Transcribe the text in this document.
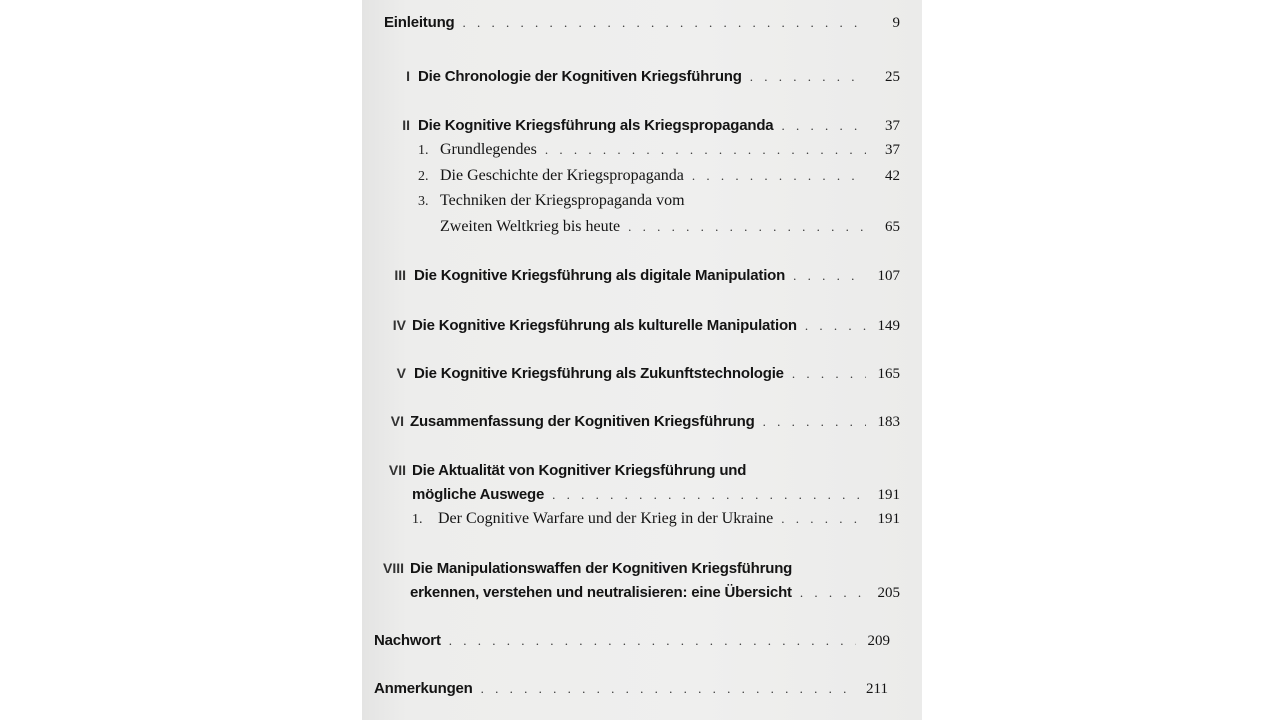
Einleitung . . .	9
I Die Chronologie der Kognitiven Kriegsführung . . .	25
II Die Kognitive Kriegsführung als Kriegspropaganda . . .	37
1. Grundlegendes . . .	37
2. Die Geschichte der Kriegspropaganda . . .	42
3. Techniken der Kriegspropaganda vom
Zweiten Weltkrieg bis heute . . .	65
III Die Kognitive Kriegsführung als digitale Manipulation . . .	107
IV Die Kognitive Kriegsführung als kulturelle Manipulation . . .	149
V Die Kognitive Kriegsführung als Zukunftstechnologie . . .	165
VI Zusammenfassung der Kognitiven Kriegsführung . . .	183
VII Die Aktualität von Kognitiver Kriegsführung und
mögliche Auswege . . .	191
1. Der Cognitive Warfare und der Krieg in der Ukraine . . .	191
VIII Die Manipulationswaffen der Kognitiven Kriegsführung
erkennen, verstehen und neutralisieren: eine Übersicht . . .	205
Nachwort . . .	209
Anmerkungen . . .	211
